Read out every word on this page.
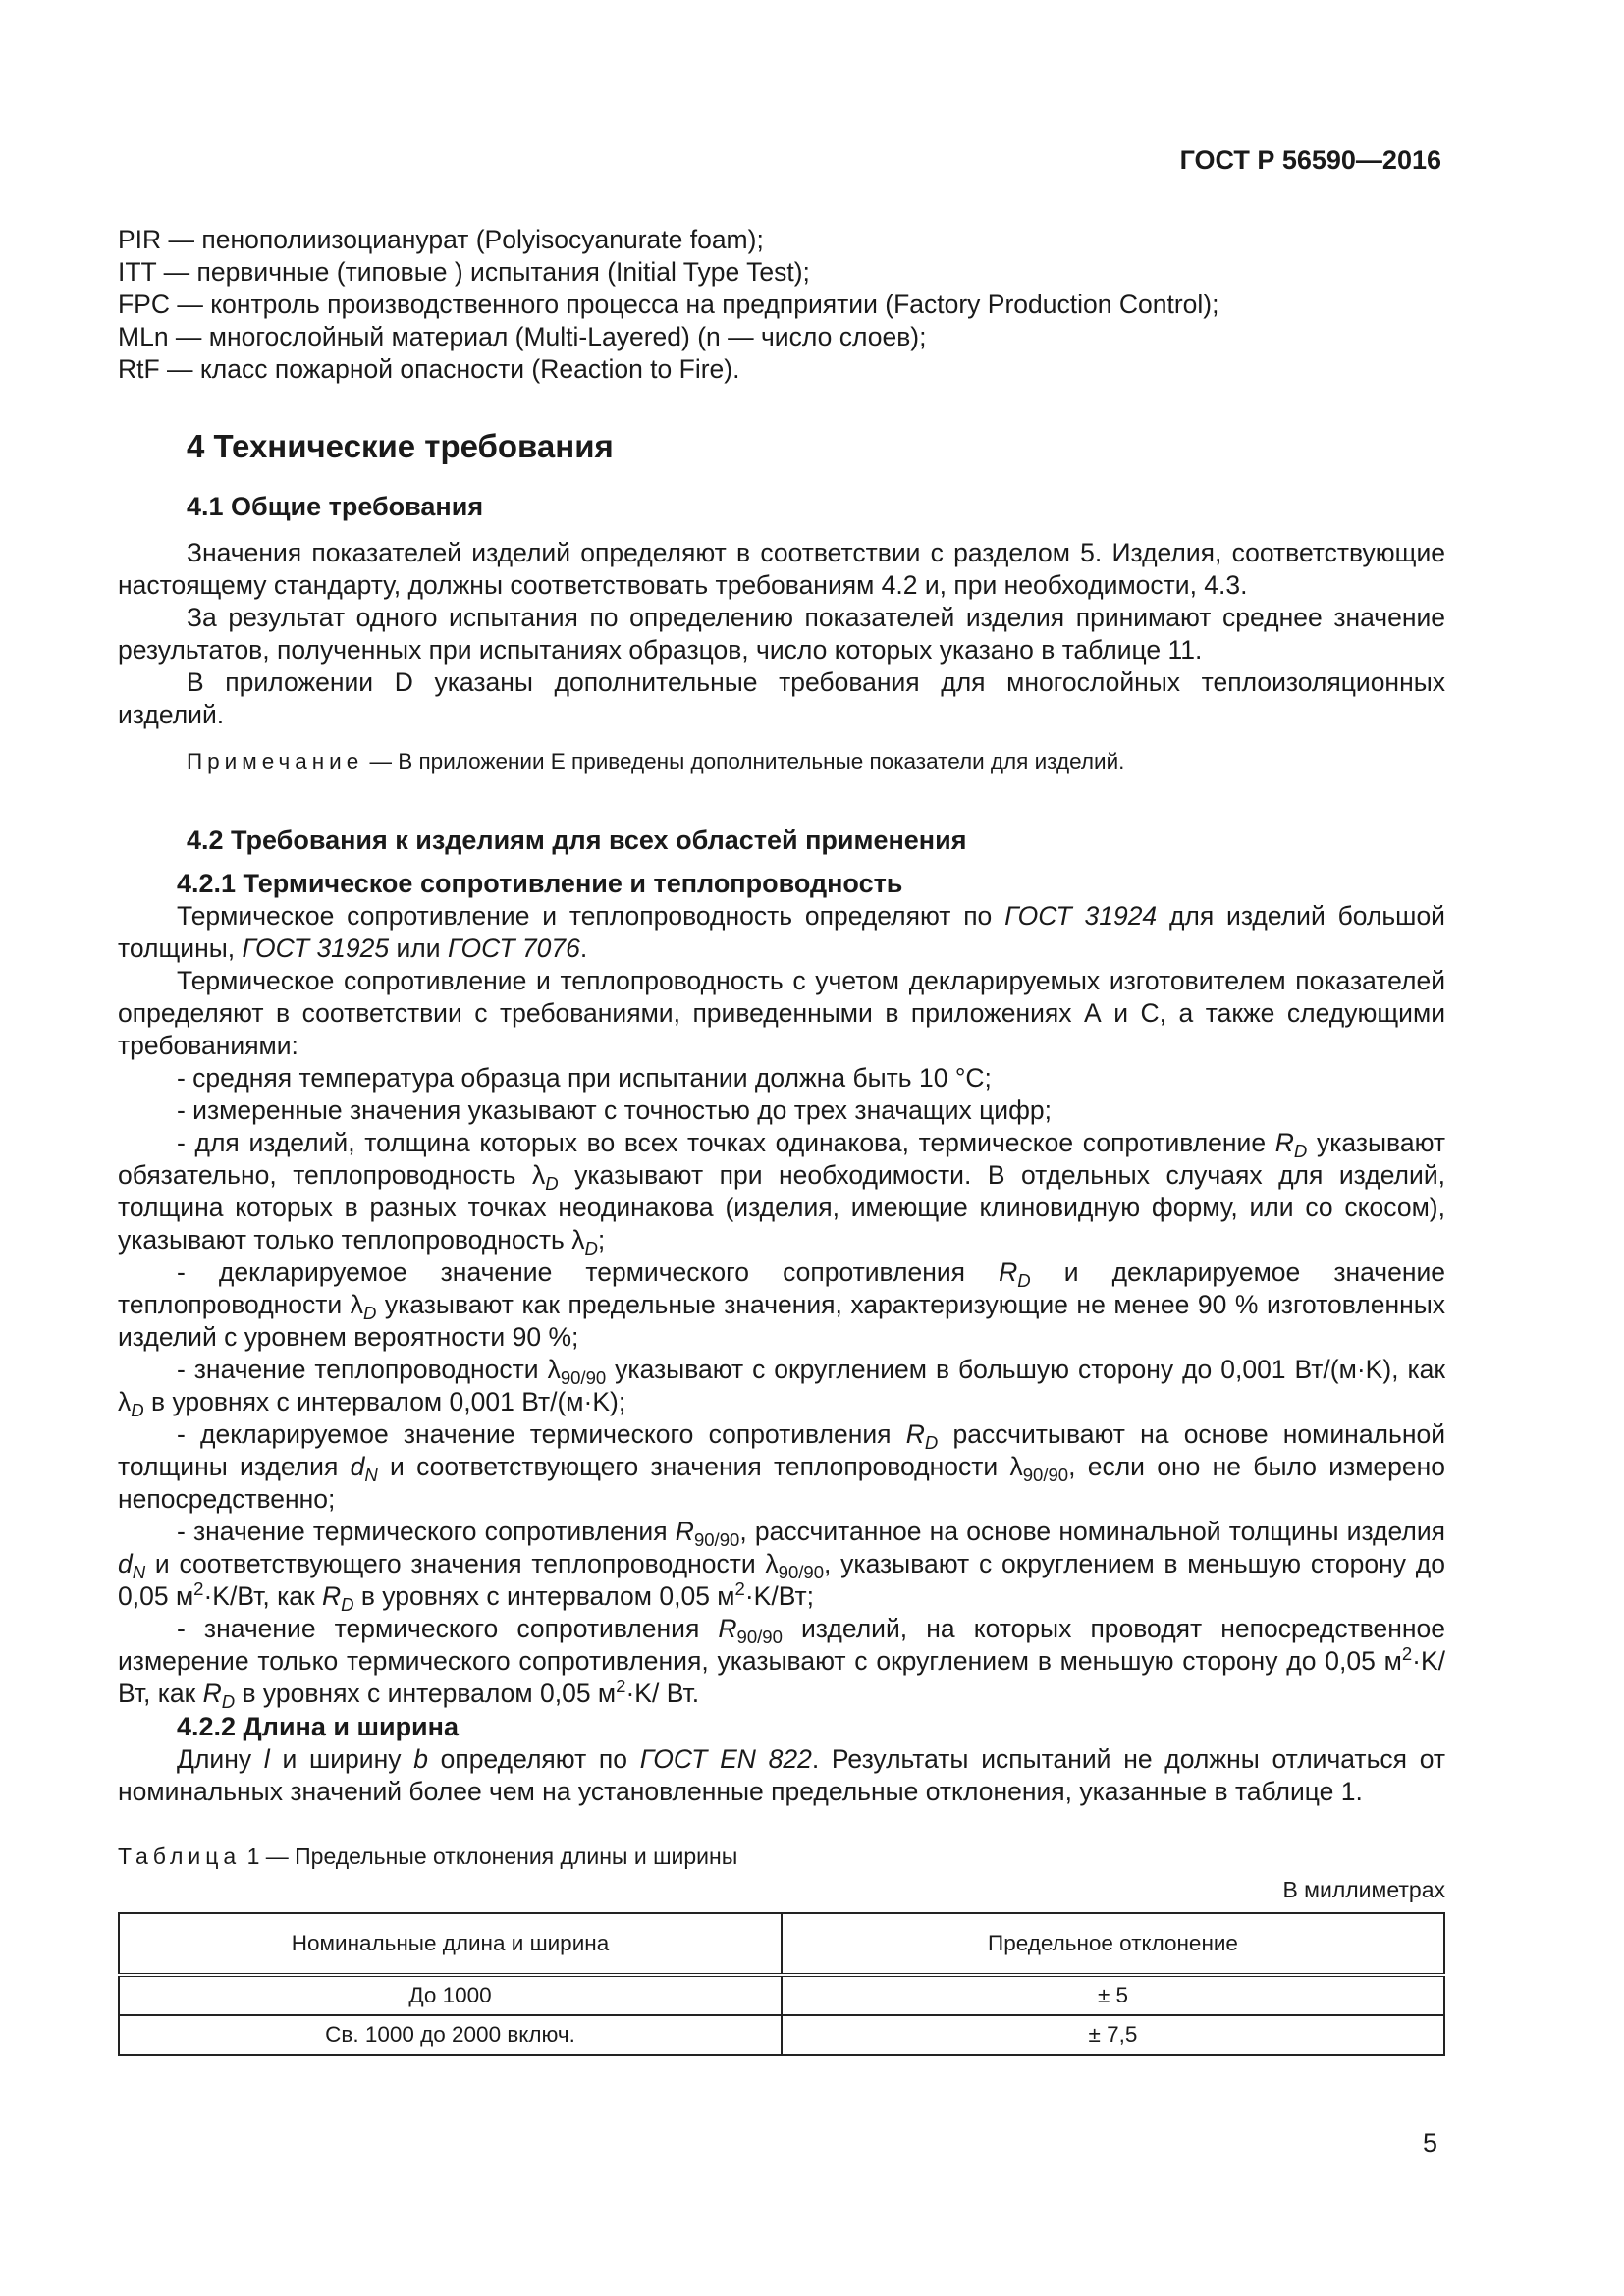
ГОСТ Р 56590—2016

PIR — пенополиизоцианурат (Polyisocyanurate foam);

ITT — первичные (типовые ) испытания (Initial Type Test);

FPC — контроль производственного процесса на предприятии (Factory Production Control);

MLn — многослойный материал (Multi-Layered) (n — число слоев);

RtF — класс пожарной опасности (Reaction to Fire).

4 Технические требования
4.1 Общие требования

Значения показателей изделий определяют в соответствии с разделом 5. Изделия, соответствующие настоящему стандарту, должны соответствовать требованиям 4.2 и, при необходимости, 4.3.

За результат одного испытания по определению показателей изделия принимают среднее значение результатов, полученных при испытаниях образцов, число которых указано в таблице 11.

В приложении D указаны дополнительные требования для многослойных теплоизоляционных изделий.

Примечание — В приложении E приведены дополнительные показатели для изделий.

4.2 Требования к изделиям для всех областей применения
4.2.1 Термическое сопротивление и теплопроводность

Термическое сопротивление и теплопроводность определяют по ГОСТ 31924 для изделий большой толщины, ГОСТ 31925 или ГОСТ 7076.

Термическое сопротивление и теплопроводность с учетом декларируемых изготовителем показателей определяют в соответствии с требованиями, приведенными в приложениях А и С, а также следующими требованиями:

- средняя температура образца при испытании должна быть 10 °С;

- измеренные значения указывают с точностью до трех значащих цифр;

- для изделий, толщина которых во всех точках одинакова, термическое сопротивление $R_D$ указывают обязательно, теплопроводность $\lambda_D$ указывают при необходимости. В отдельных случаях для изделий, толщина которых в разных точках неодинакова (изделия, имеющие клиновидную форму, или со скосом), указывают только теплопроводность $\lambda_D$;

- декларируемое значение термического сопротивления $R_D$ и декларируемое значение теплопроводности $\lambda_D$ указывают как предельные значения, характеризующие не менее 90 % изготовленных изделий с уровнем вероятности 90 %;

- значение теплопроводности $\lambda_{90/90}$ указывают с округлением в большую сторону до 0,001 Вт/(м·K), как $\lambda_D$ в уровнях с интервалом 0,001 Вт/(м·K);

- декларируемое значение термического сопротивления $R_D$ рассчитывают на основе номинальной толщины изделия $d_N$ и соответствующего значения теплопроводности $\lambda_{90/90}$, если оно не было измерено непосредственно;

- значение термического сопротивления $R_{90/90}$, рассчитанное на основе номинальной толщины изделия $d_N$ и соответствующего значения теплопроводности $\lambda_{90/90}$, указывают с округлением в меньшую сторону до 0,05 $м^2\cdot K/Вт$, как $R_D$ в уровнях с интервалом 0,05 $м^2\cdot K/Вт$;

- значение термического сопротивления $R_{90/90}$ изделий, на которых проводят непосредственное измерение только термического сопротивления, указывают с округлением в меньшую сторону до 0,05 $м^2\cdot K/Вт$, как $R_D$ в уровнях с интервалом 0,05 $м^2\cdot K/$ Вт.

4.2.2 Длина и ширина

Длину l и ширину b определяют по ГОСТ EN 822. Результаты испытаний не должны отличаться от номинальных значений более чем на установленные предельные отклонения, указанные в таблице 1.

Таблица 1 — Предельные отклонения длины и ширины

В миллиметрах
Номинальные длина и ширина	Предельное отклонение
До 1000	± 5
Св. 1000 до 2000 включ.	± 7,5
5
